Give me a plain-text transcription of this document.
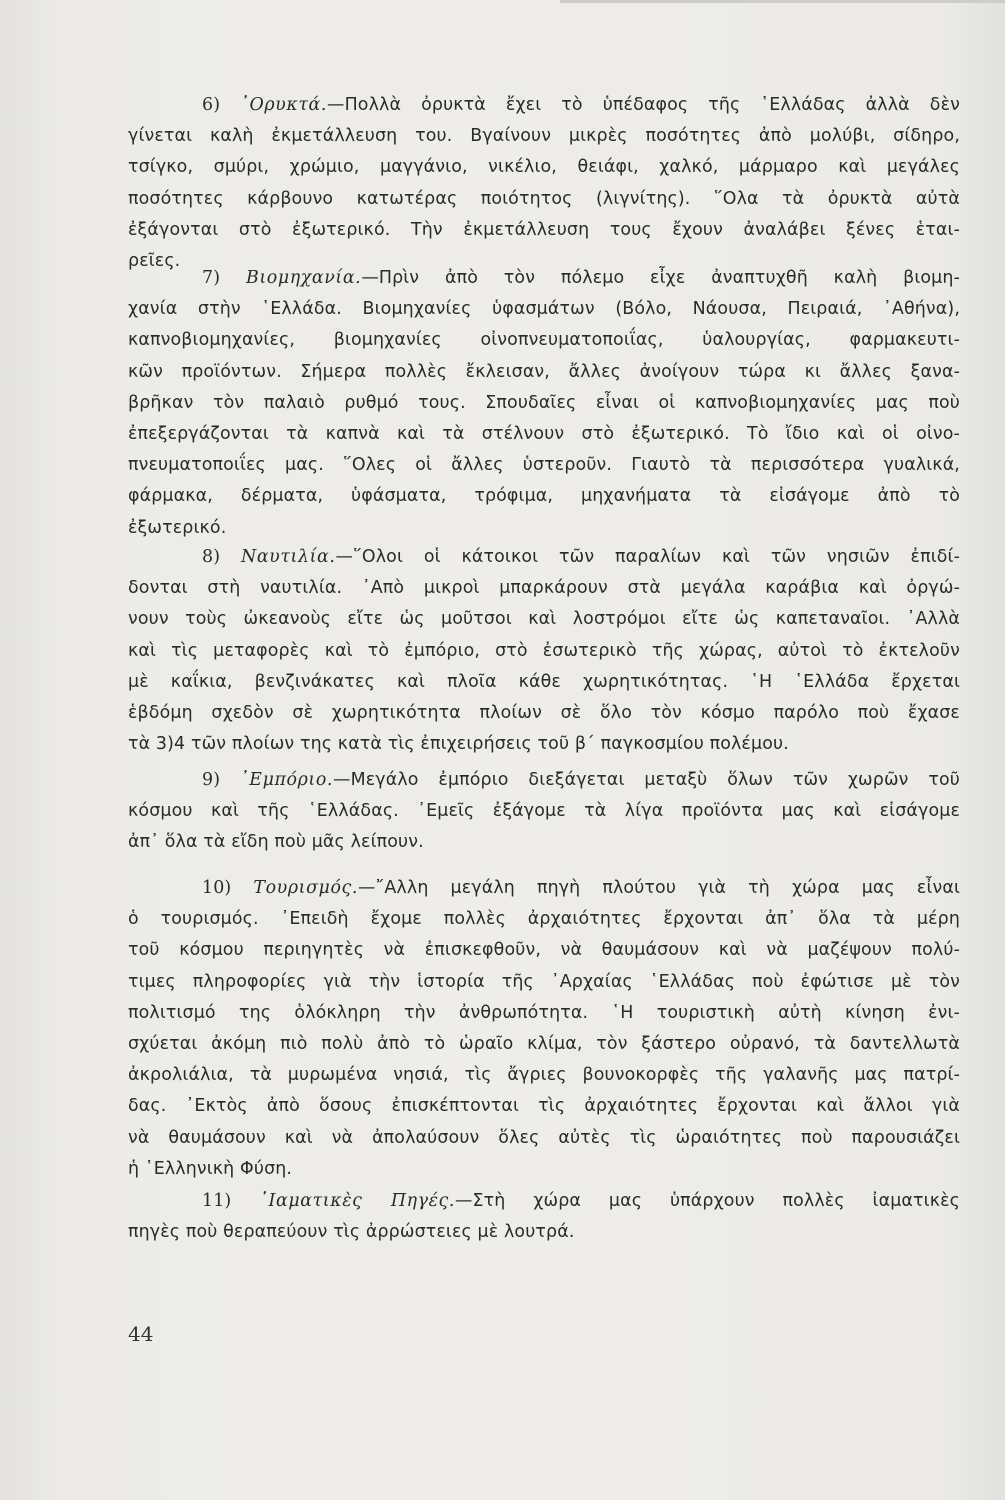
6) ᾿Ορυκτά.—Πολλὰ ὀρυκτὰ ἔχει τὸ ὑπέδαφος τῆς ῾Ελλάδας ἀλλὰ δὲν
γίνεται καλὴ ἐκμετάλλευση του. Βγαίνουν μικρὲς ποσότητες ἀπὸ μολύβι, σίδηρο,
τσίγκο, σμύρι, χρώμιο, μαγγάνιο, νικέλιο, θειάφι, χαλκό, μάρμαρο καὶ μεγάλες
ποσότητες κάρβουνο κατωτέρας ποιότητος (λιγνίτης). ῞Ολα τὰ ὀρυκτὰ αὐτὰ
ἐξάγονται στὸ ἐξωτερικό. Τὴν ἐκμετάλλευση τους ἔχουν ἀναλάβει ξένες ἑται-
ρεῖες.
7) Βιομηχανία.—Πρὶν ἀπὸ τὸν πόλεμο εἶχε ἀναπτυχθῆ καλὴ βιομη-
χανία στὴν ῾Ελλάδα. Βιομηχανίες ὑφασμάτων (Βόλο, Νάουσα, Πειραιά, ᾿Αθήνα),
καπνοβιομηχανίες, βιομηχανίες οἰνοπνευματοποιΐας, ὑαλουργίας, φαρμακευτι-
κῶν προϊόντων. Σήμερα πολλὲς ἔκλεισαν, ἄλλες ἀνοίγουν τώρα κι ἄλλες ξανα-
βρῆκαν τὸν παλαιὸ ρυθμό τους. Σπουδαῖες εἶναι οἱ καπνοβιομηχανίες μας ποὺ
ἐπεξεργάζονται τὰ καπνὰ καὶ τὰ στέλνουν στὸ ἐξωτερικό. Τὸ ἴδιο καὶ οἱ οἰνο-
πνευματοποιΐες μας. ῞Ολες οἱ ἄλλες ὑστεροῦν. Γιαυτὸ τὰ περισσότερα γυαλικά,
φάρμακα, δέρματα, ὑφάσματα, τρόφιμα, μηχανήματα τὰ εἰσάγομε ἀπὸ τὸ
ἐξωτερικό.
8) Ναυτιλία.—῞Ολοι οἱ κάτοικοι τῶν παραλίων καὶ τῶν νησιῶν ἐπιδί-
δονται στὴ ναυτιλία. ᾿Απὸ μικροὶ μπαρκάρουν στὰ μεγάλα καράβια καὶ ὀργώ-
νουν τοὺς ὠκεανοὺς εἴτε ὡς μοῦτσοι καὶ λοστρόμοι εἴτε ὡς καπεταναῖοι. ᾿Αλλὰ
καὶ τὶς μεταφορὲς καὶ τὸ ἐμπόριο, στὸ ἐσωτερικὸ τῆς χώρας, αὐτοὶ τὸ ἐκτελοῦν
μὲ καΐκια, βενζινάκατες καὶ πλοῖα κάθε χωρητικότητας. ῾Η ῾Ελλάδα ἔρχεται
ἑβδόμη σχεδὸν σὲ χωρητικότητα πλοίων σὲ ὅλο τὸν κόσμο παρόλο ποὺ ἔχασε
τὰ 3)4 τῶν πλοίων της κατὰ τὶς ἐπιχειρήσεις τοῦ β΄ παγκοσμίου πολέμου.
9) ᾿Εμπόριο.—Μεγάλο ἐμπόριο διεξάγεται μεταξὺ ὅλων τῶν χωρῶν τοῦ
κόσμου καὶ τῆς ῾Ελλάδας. ᾿Εμεῖς ἐξάγομε τὰ λίγα προϊόντα μας καὶ εἰσάγομε
ἀπ᾿ ὅλα τὰ εἴδη ποὺ μᾶς λείπουν.
10) Τουρισμός.—῎Αλλη μεγάλη πηγὴ πλούτου γιὰ τὴ χώρα μας εἶναι
ὁ τουρισμός. ᾿Επειδὴ ἔχομε πολλὲς ἀρχαιότητες ἔρχονται ἀπ᾿ ὅλα τὰ μέρη
τοῦ κόσμου περιηγητὲς νὰ ἐπισκεφθοῦν, νὰ θαυμάσουν καὶ νὰ μαζέψουν πολύ-
τιμες πληροφορίες γιὰ τὴν ἱστορία τῆς ᾿Αρχαίας ῾Ελλάδας ποὺ ἐφώτισε μὲ τὸν
πολιτισμό της ὁλόκληρη τὴν ἀνθρωπότητα. ῾Η τουριστικὴ αὐτὴ κίνηση ἐνι-
σχύεται ἀκόμη πιὸ πολὺ ἀπὸ τὸ ὡραῖο κλίμα, τὸν ξάστερο οὐρανό, τὰ δαντελλωτὰ
ἀκρολιάλια, τὰ μυρωμένα νησιά, τὶς ἄγριες βουνοκορφὲς τῆς γαλανῆς μας πατρί-
δας. ᾿Εκτὸς ἀπὸ ὅσους ἐπισκέπτονται τὶς ἀρχαιότητες ἔρχονται καὶ ἄλλοι γιὰ
νὰ θαυμάσουν καὶ νὰ ἀπολαύσουν ὅλες αὐτὲς τὶς ὡραιότητες ποὺ παρουσιάζει
ἡ ῾Ελληνικὴ Φύση.
11) ᾿Ιαματικὲς Πηγές.—Στὴ χώρα μας ὑπάρχουν πολλὲς ἰαματικὲς
πηγὲς ποὺ θεραπεύουν τὶς ἀρρώστειες μὲ λουτρά.
44
